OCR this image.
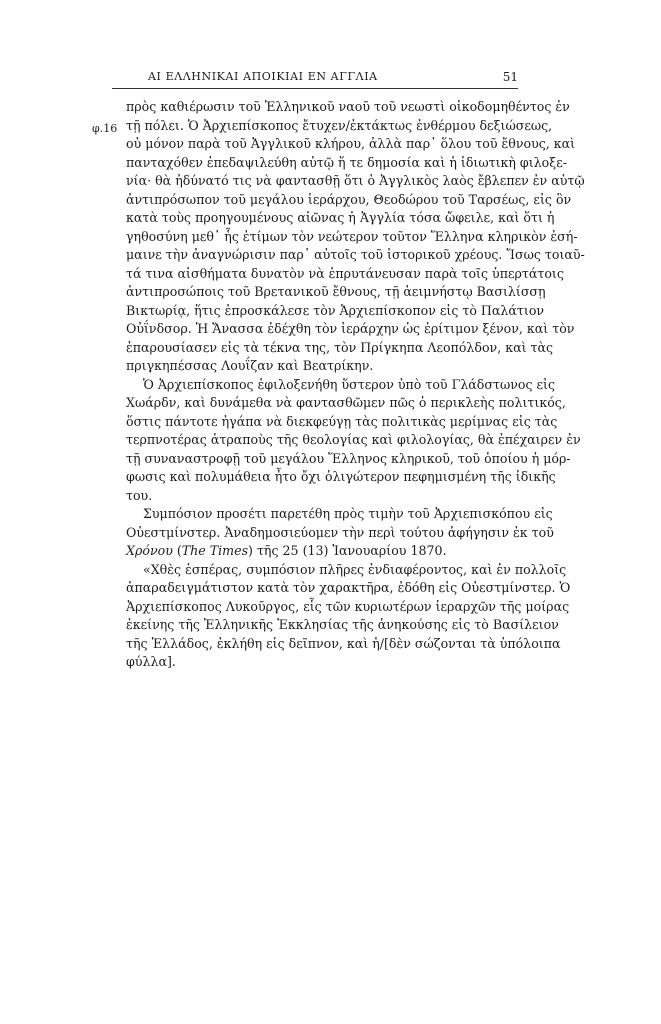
ΑΙ ΕΛΛΗΝΙΚΑΙ ΑΠΟΙΚΙΑΙ ΕΝ ΑΓΓΛΙΑ	51
φ.16
πρὸς καθιέρωσιν τοῦ Ἑλληνικοῦ ναοῦ τοῦ νεωστὶ οἰκοδομηθέντος ἐν
τῇ πόλει. Ὁ Ἀρχιεπίσκοπος ἔτυχεν/ἐκτάκτως ἐνθέρμου δεξιώσεως,
οὐ μόνον παρὰ τοῦ Ἀγγλικοῦ κλήρου, ἀλλὰ παρ᾽ ὅλου τοῦ ἔθνους, καὶ
πανταχόθεν ἐπεδαψιλεύθη αὐτῷ ἥ τε δημοσία καὶ ἡ ἰδιωτικὴ φιλοξε-
νία· θὰ ἠδύνατό τις νὰ φαντασθῇ ὅτι ὁ Ἀγγλικὸς λαὸς ἔβλεπεν ἐν αὐτῷ
ἀντιπρόσωπον τοῦ μεγάλου ἱεράρχου, Θεοδώρου τοῦ Ταρσέως, εἰς ὃν
κατὰ τοὺς προηγουμένους αἰῶνας ἡ Ἀγγλία τόσα ὤφειλε, καὶ ὅτι ἡ
γηθοσύνη μεθ᾽ ἧς ἐτίμων τὸν νεώτερον τοῦτον Ἕλληνα κληρικὸν ἐσή-
μαινε τὴν ἀναγνώρισιν παρ᾽ αὐτοῖς τοῦ ἱστορικοῦ χρέους. Ἴσως τοιαῦ-
τά τινα αἰσθήματα δυνατὸν νὰ ἐπρυτάνευσαν παρὰ τοῖς ὑπερτάτοις
ἀντιπροσώποις τοῦ Βρετανικοῦ ἔθνους, τῇ ἀειμνήστῳ Βασιλίσσῃ
Βικτωρίᾳ, ἥτις ἐπροσκάλεσε τὸν Ἀρχιεπίσκοπον εἰς τὸ Παλάτιον
Οὐΐνδσορ. Ἡ Ἄνασσα ἐδέχθη τὸν ἱεράρχην ὡς ἐρίτιμον ξένον, καὶ τὸν
ἐπαρουσίασεν εἰς τὰ τέκνα της, τὸν Πρίγκηπα Λεοπόλδον, καὶ τὰς
πριγκηπέσσας Λουΐζαν καὶ Βεατρίκην.
Ὁ Ἀρχιεπίσκοπος ἐφιλοξενήθη ὕστερον ὑπὸ τοῦ Γλάδστωνος εἰς
Χωάρδν, καὶ δυνάμεθα νὰ φαντασθῶμεν πῶς ὁ περικλεὴς πολιτικός,
ὅστις πάντοτε ἠγάπα νὰ διεκφεύγῃ τὰς πολιτικὰς μερίμνας εἰς τὰς
τερπνοτέρας ἀτραποὺς τῆς θεολογίας καὶ φιλολογίας, θὰ ἐπέχαιρεν ἐν
τῇ συναναστροφῇ τοῦ μεγάλου Ἕλληνος κληρικοῦ, τοῦ ὁποίου ἡ μόρ-
φωσις καὶ πολυμάθεια ἦτο ὄχι ὀλιγώτερον πεφημισμένη τῆς ἰδικῆς
του.
Συμπόσιον προσέτι παρετέθη πρὸς τιμὴν τοῦ Ἀρχιεπισκόπου εἰς
Οὐεστμίνστερ. Ἀναδημοσιεύομεν τὴν περὶ τούτου ἀφήγησιν ἐκ τοῦ
Χρόνου (The Times) τῆς 25 (13) Ἰανουαρίου 1870.
«Χθὲς ἑσπέρας, συμπόσιον πλῆρες ἐνδιαφέροντος, καὶ ἐν πολλοῖς
ἀπαραδειγμάτιστον κατὰ τὸν χαρακτῆρα, ἐδόθη εἰς Οὐεστμίνστερ. Ὁ
Ἀρχιεπίσκοπος Λυκοῦργος, εἷς τῶν κυριωτέρων ἱεραρχῶν τῆς μοίρας
ἐκείνης τῆς Ἑλληνικῆς Ἐκκλησίας τῆς ἀνηκούσης εἰς τὸ Βασίλειον
τῆς Ἑλλάδος, ἐκλήθη εἰς δεῖπνον, καὶ ἡ/[δὲν σώζονται τὰ ὑπόλοιπα
φύλλα].
